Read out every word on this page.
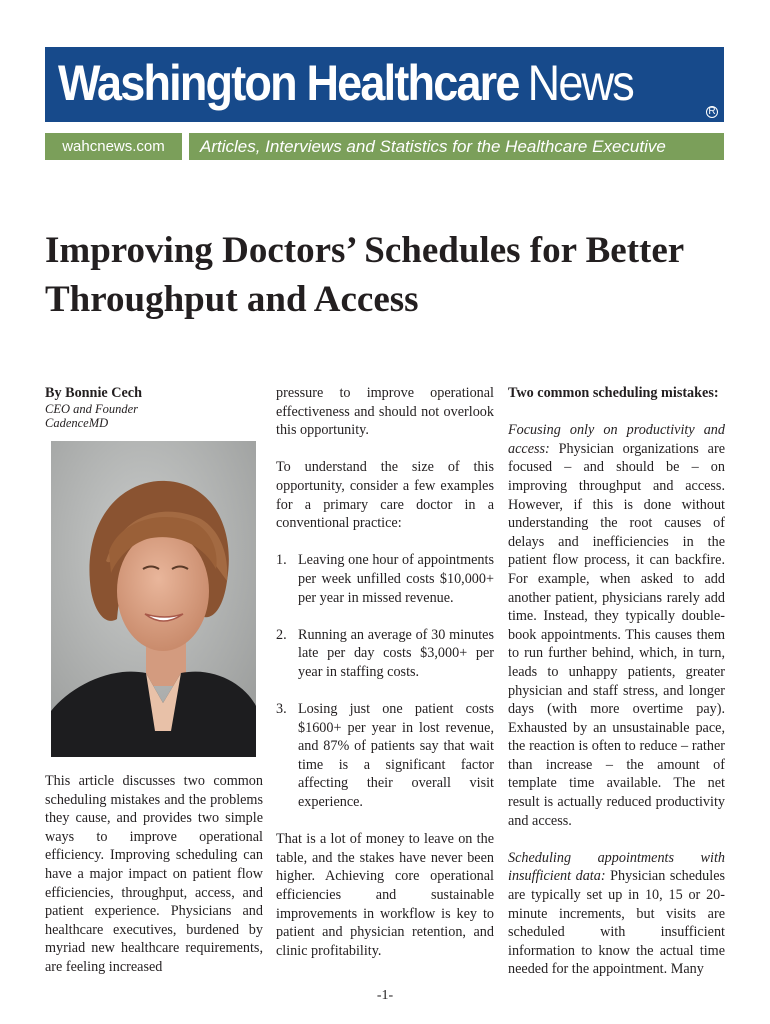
Washington Healthcare News
R
wahcnews.com	Articles, Interviews and Statistics for the Healthcare Executive
Improving Doctors’ Schedules for Better Throughput and Access

By Bonnie Cech

CEO and Founder

CadenceMD

This article discusses two common scheduling mistakes and the problems they cause, and provides two simple ways to improve operational efficiency. Improving scheduling can have a major impact on patient flow efficiencies, throughput, access, and patient experience. Physicians and healthcare executives, burdened by myriad new healthcare requirements, are feeling increased

pressure to improve operational effectiveness and should not overlook this opportunity.

To understand the size of this opportunity, consider a few examples for a primary care doctor in a conventional practice:

1. Leaving one hour of appointments per week unfilled costs $10,000+ per year in missed revenue.

2. Running an average of 30 minutes late per day costs $3,000+ per year in staffing costs.

3. Losing just one patient costs $1600+ per year in lost revenue, and 87% of patients say that wait time is a significant factor affecting their overall visit experience.

That is a lot of money to leave on the table, and the stakes have never been higher. Achieving core operational efficiencies and sustainable improvements in workflow is key to patient and physician retention, and clinic profitability.

Two common scheduling mistakes:

Focusing only on productivity and access: Physician organizations are focused – and should be – on improving throughput and access. However, if this is done without understanding the root causes of delays and inefficiencies in the patient flow process, it can backfire. For example, when asked to add another patient, physicians rarely add time. Instead, they typically double-book appointments. This causes them to run further behind, which, in turn, leads to unhappy patients, greater physician and staff stress, and longer days (with more overtime pay). Exhausted by an unsustainable pace, the reaction is often to reduce – rather than increase – the amount of template time available. The net result is actually reduced productivity and access.

Scheduling appointments with insufficient data: Physician schedules are typically set up in 10, 15 or 20-minute increments, but visits are scheduled with insufficient information to know the actual time needed for the appointment. Many

-1-
